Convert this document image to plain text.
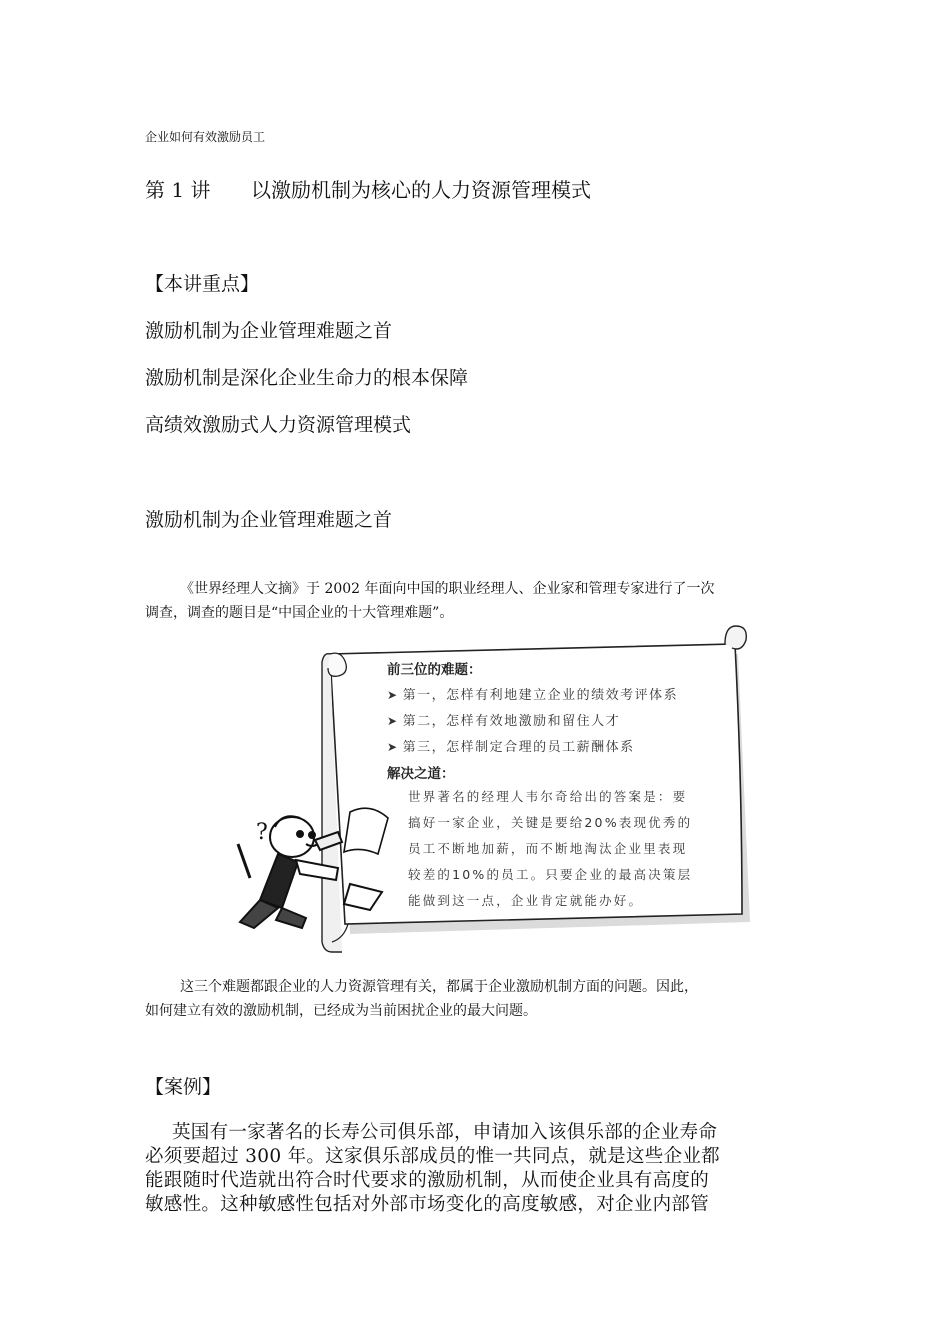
企业如何有效激励员工
第 1 讲 以激励机制为核心的人力资源管理模式
【本讲重点】
激励机制为企业管理难题之首
激励机制是深化企业生命力的根本保障
高绩效激励式人力资源管理模式
激励机制为企业管理难题之首
《世界经理人文摘》于 2002 年面向中国的职业经理人、企业家和管理专家进行了一次
调查，调查的题目是“中国企业的十大管理难题”。
?
前三位的难题：
➤ 第一，怎样有利地建立企业的绩效考评体系
➤ 第二，怎样有效地激励和留住人才
➤ 第三，怎样制定合理的员工薪酬体系
解决之道：
世界著名的经理人韦尔奇给出的答案是：要
搞好一家企业，关键是要给20%表现优秀的
员工不断地加薪，而不断地淘汰企业里表现
较差的10%的员工。只要企业的最高决策层
能做到这一点，企业肯定就能办好。
这三个难题都跟企业的人力资源管理有关，都属于企业激励机制方面的问题。因此，
如何建立有效的激励机制，已经成为当前困扰企业的最大问题。
【案例】
英国有一家著名的长寿公司俱乐部，申请加入该俱乐部的企业寿命
必须要超过 300 年。这家俱乐部成员的惟一共同点，就是这些企业都
能跟随时代造就出符合时代要求的激励机制，从而使企业具有高度的
敏感性。这种敏感性包括对外部市场变化的高度敏感，对企业内部管
